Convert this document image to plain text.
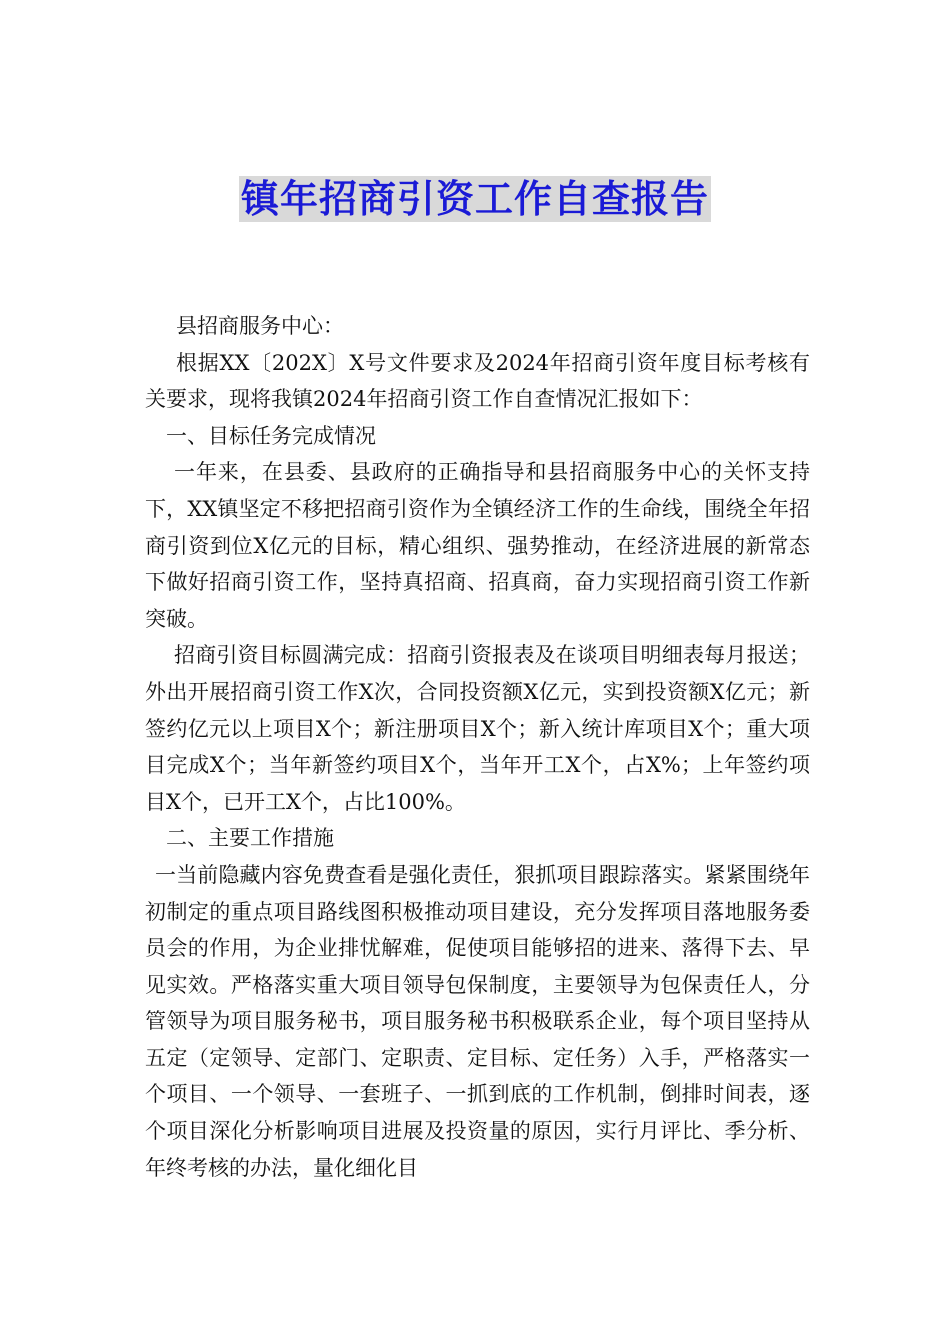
镇年招商引资工作自查报告

县招商服务中心：

根据XX〔202X〕X号文件要求及2024年招商引资年度目标考核有关要求，现将我镇2024年招商引资工作自查情况汇报如下：

一、目标任务完成情况

一年来，在县委、县政府的正确指导和县招商服务中心的关怀支持下，XX镇坚定不移把招商引资作为全镇经济工作的生命线，围绕全年招商引资到位X亿元的目标，精心组织、强势推动，在经济进展的新常态下做好招商引资工作，坚持真招商、招真商，奋力实现招商引资工作新突破。

招商引资目标圆满完成：招商引资报表及在谈项目明细表每月报送；外出开展招商引资工作X次，合同投资额X亿元，实到投资额X亿元；新签约亿元以上项目X个；新注册项目X个；新入统计库项目X个；重大项目完成X个；当年新签约项目X个，当年开工X个，占X%；上年签约项目X个，已开工X个，占比100%。

二、主要工作措施

一当前隐藏内容免费查看是强化责任，狠抓项目跟踪落实。紧紧围绕年初制定的重点项目路线图积极推动项目建设，充分发挥项目落地服务委员会的作用，为企业排忧解难，促使项目能够招的进来、落得下去、早见实效。严格落实重大项目领导包保制度，主要领导为包保责任人，分管领导为项目服务秘书，项目服务秘书积极联系企业，每个项目坚持从五定（定领导、定部门、定职责、定目标、定任务）入手，严格落实一个项目、一个领导、一套班子、一抓到底的工作机制，倒排时间表，逐个项目深化分析影响项目进展及投资量的原因，实行月评比、季分析、年终考核的办法，量化细化目
